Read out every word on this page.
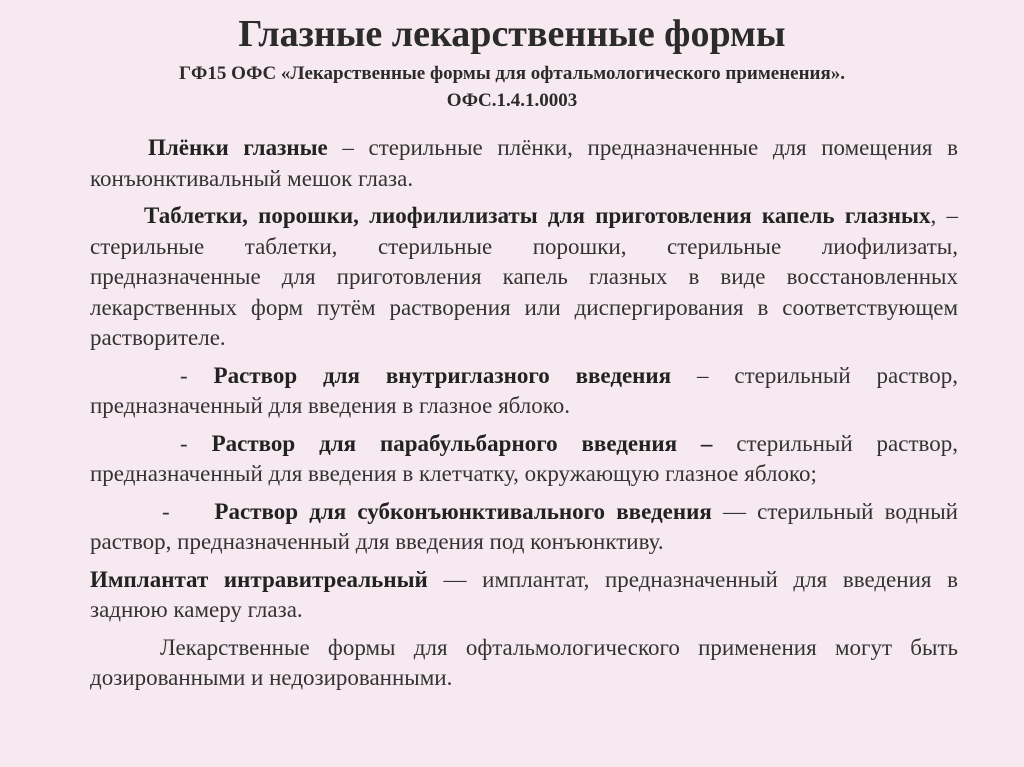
Глазные лекарственные формы
ГФ15 ОФС «Лекарственные формы для офтальмологического применения».
ОФС.1.4.1.0003

Плёнки глазные – стерильные плёнки, предназначенные для помещения в конъюнктивальный мешок глаза.

Таблетки, порошки, лиофилилизаты для приготовления капель глазных, – стерильные таблетки, стерильные порошки, стерильные лиофилизаты, предназначенные для приготовления капель глазных в виде восстановленных лекарственных форм путём растворения или диспергирования в соответствующем растворителе.

- Раствор для внутриглазного введения – стерильный раствор, предназначенный для введения в глазное яблоко.

- Раствор для парабульбарного введения – стерильный раствор, предназначенный для введения в клетчатку, окружающую глазное яблоко;

-    Раствор для субконъюнктивального введения — стерильный водный раствор, предназначенный для введения под конъюнктиву.

Имплантат интравитреальный — имплантат, предназначенный для введения в заднюю камеру глаза.

Лекарственные формы для офтальмологического применения могут быть дозированными и недозированными.
